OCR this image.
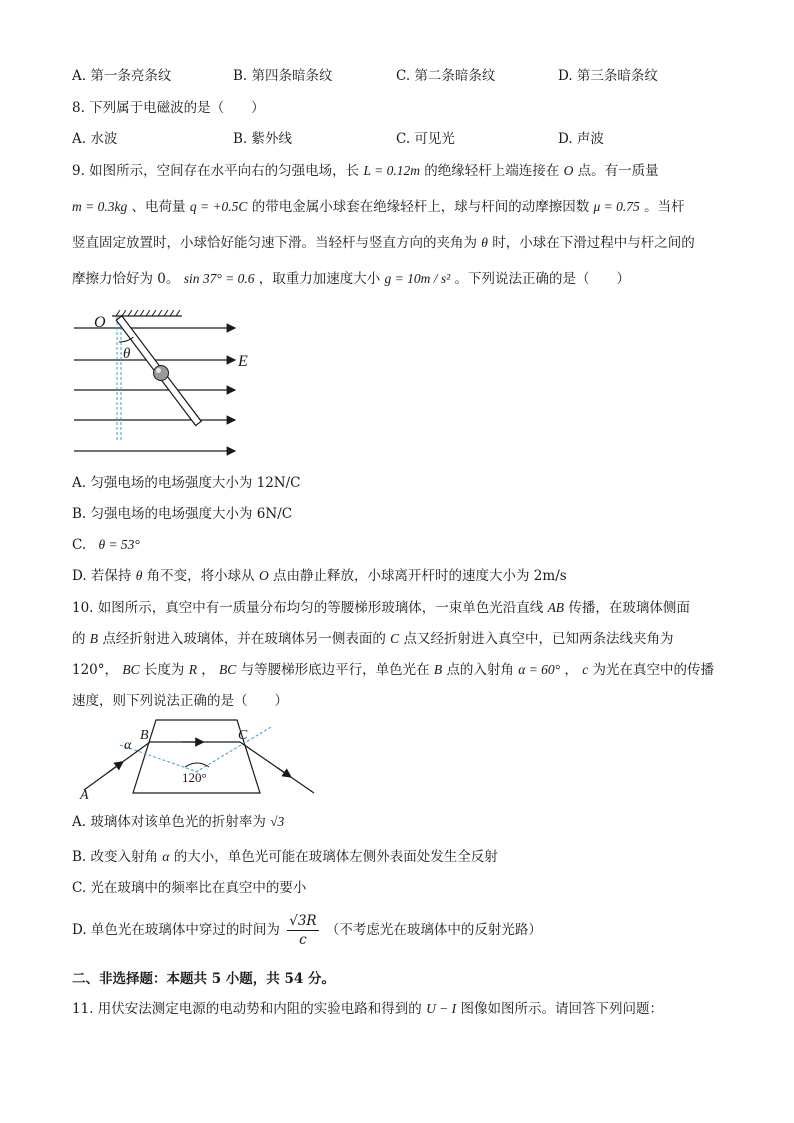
A. 第一条亮条纹	B. 第四条暗条纹	C. 第二条暗条纹	D. 第三条暗条纹
8. 下列属于电磁波的是（　　）
A. 水波	B. 紫外线	C. 可见光	D. 声波
9. 如图所示，空间存在水平向右的匀强电场，长 L = 0.12m 的绝缘轻杆上端连接在 O 点。有一质量
m = 0.3kg 、电荷量 q = +0.5C 的带电金属小球套在绝缘轻杆上，球与杆间的动摩擦因数 μ = 0.75 。当杆
竖直固定放置时，小球恰好能匀速下滑。当轻杆与竖直方向的夹角为 θ 时，小球在下滑过程中与杆之间的
摩擦力恰好为 0。 sin 37° = 0.6 ，取重力加速度大小 g = 10m / s² 。下列说法正确的是（　　）
O
θ	E
A. 匀强电场的电场强度大小为 12N/C
B. 匀强电场的电场强度大小为 6N/C
C. θ = 53°
D. 若保持 θ 角不变，将小球从 O 点由静止释放，小球离开杆时的速度大小为 2m/s
10. 如图所示，真空中有一质量分布均匀的等腰梯形玻璃体，一束单色光沿直线 AB 传播，在玻璃体侧面
的 B 点经折射进入玻璃体，并在玻璃体另一侧表面的 C 点又经折射进入真空中，已知两条法线夹角为
120°， BC 长度为 R ， BC 与等腰梯形底边平行，单色光在 B 点的入射角 α = 60° ， c 为光在真空中的传播
速度，则下列说法正确的是（　　）
α
B	C
120°
A
A. 玻璃体对该单色光的折射率为 √3
B. 改变入射角 α 的大小，单色光可能在玻璃体左侧外表面处发生全反射
C. 光在玻璃中的频率比在真空中的要小
D. 单色光在玻璃体中穿过的时间为 $\frac{√3R}{c}$ （不考虑光在玻璃体中的反射光路）
二、非选择题：本题共 5 小题，共 54 分。
11. 用伏安法测定电源的电动势和内阻的实验电路和得到的 U − I 图像如图所示。请回答下列问题：
